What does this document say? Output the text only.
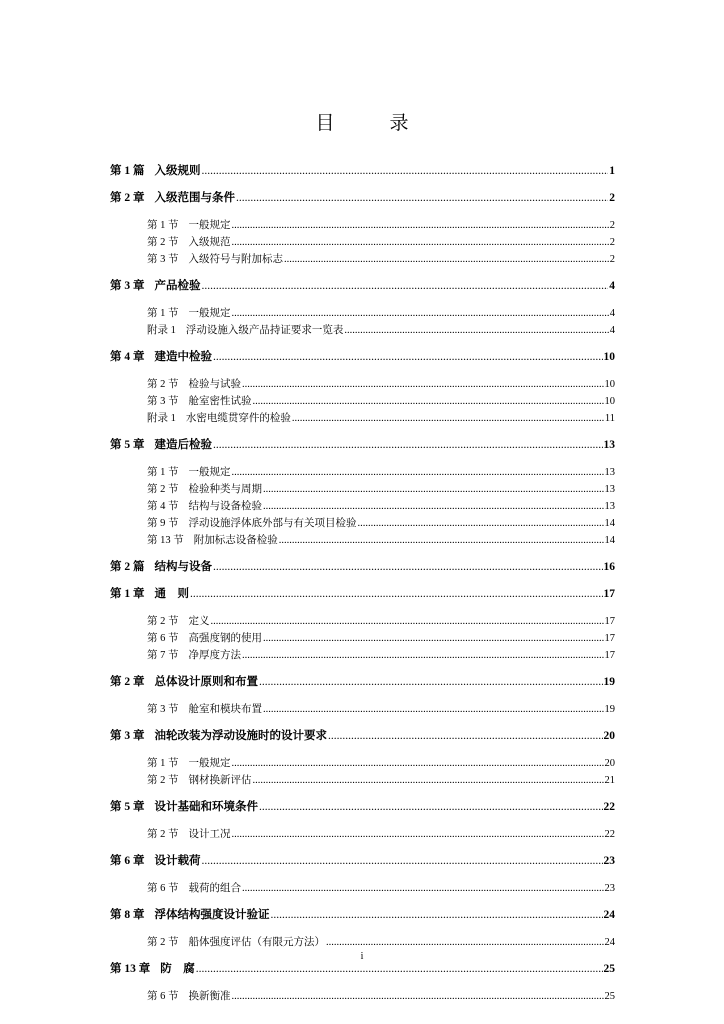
目　录
第 1 篇 入级规则 .....	1
第 2 章 入级范围与条件 .....	2
第 1 节 一般规定 .....	2
第 2 节 入级规范 .....	2
第 3 节 入级符号与附加标志 .....	2
第 3 章 产品检验 .....	4
第 1 节 一般规定 .....	4
附录 1 浮动设施入级产品持证要求一览表 .....	4
第 4 章 建造中检验 .....	10
第 2 节 检验与试验 .....	10
第 3 节 舱室密性试验 .....	10
附录 1 水密电缆贯穿件的检验 .....	11
第 5 章 建造后检验 .....	13
第 1 节 一般规定 .....	13
第 2 节 检验种类与周期 .....	13
第 4 节 结构与设备检验 .....	13
第 9 节 浮动设施浮体底外部与有关项目检验 .....	14
第 13 节 附加标志设备检验 .....	14
第 2 篇 结构与设备 .....	16
第 1 章 通　则 .....	17
第 2 节 定义 .....	17
第 6 节 高强度钢的使用 .....	17
第 7 节 净厚度方法 .....	17
第 2 章 总体设计原则和布置 .....	19
第 3 节 舱室和模块布置 .....	19
第 3 章 油轮改装为浮动设施时的设计要求 .....	20
第 1 节 一般规定 .....	20
第 2 节 钢材换新评估 .....	21
第 5 章 设计基础和环境条件 .....	22
第 2 节 设计工况 .....	22
第 6 章 设计载荷 .....	23
第 6 节 载荷的组合 .....	23
第 8 章 浮体结构强度设计验证 .....	24
第 2 节 船体强度评估（有限元方法） .....	24
第 13 章 防　腐 .....	25
第 6 节 换新衡准 .....	25
i
